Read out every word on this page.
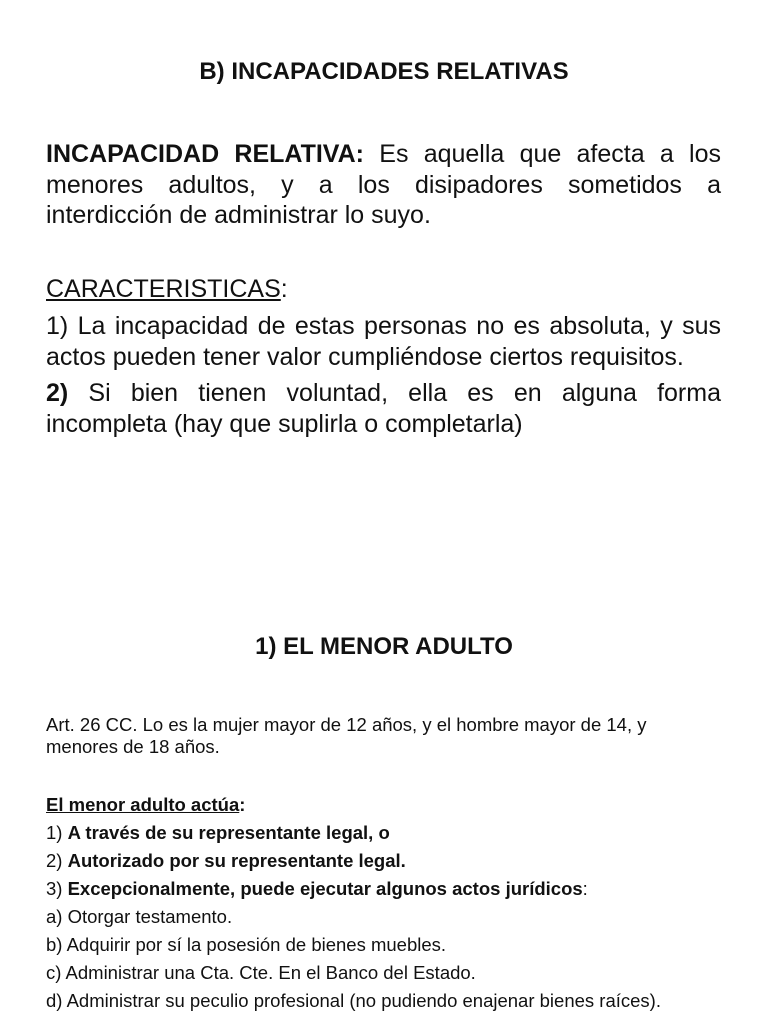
B) INCAPACIDADES RELATIVAS
INCAPACIDAD RELATIVA: Es aquella que afecta a los menores adultos, y a los disipadores sometidos a interdicción de administrar lo suyo.
CARACTERISTICAS:
1) La incapacidad de estas personas no es absoluta, y sus actos pueden tener valor cumpliéndose ciertos requisitos.
2) Si bien tienen voluntad, ella es en alguna forma incompleta (hay que suplirla o completarla)
1) EL MENOR ADULTO
Art. 26 CC. Lo es la mujer mayor de 12 años, y el hombre mayor de 14, y menores de 18 años.
El menor adulto actúa:
1) A través de su representante legal, o
2) Autorizado por su representante legal.
3) Excepcionalmente, puede ejecutar algunos actos jurídicos:
a) Otorgar testamento.
b) Adquirir por sí la posesión de bienes muebles.
c) Administrar una Cta. Cte. En el Banco del Estado.
d) Administrar su peculio profesional (no pudiendo enajenar bienes raíces).
